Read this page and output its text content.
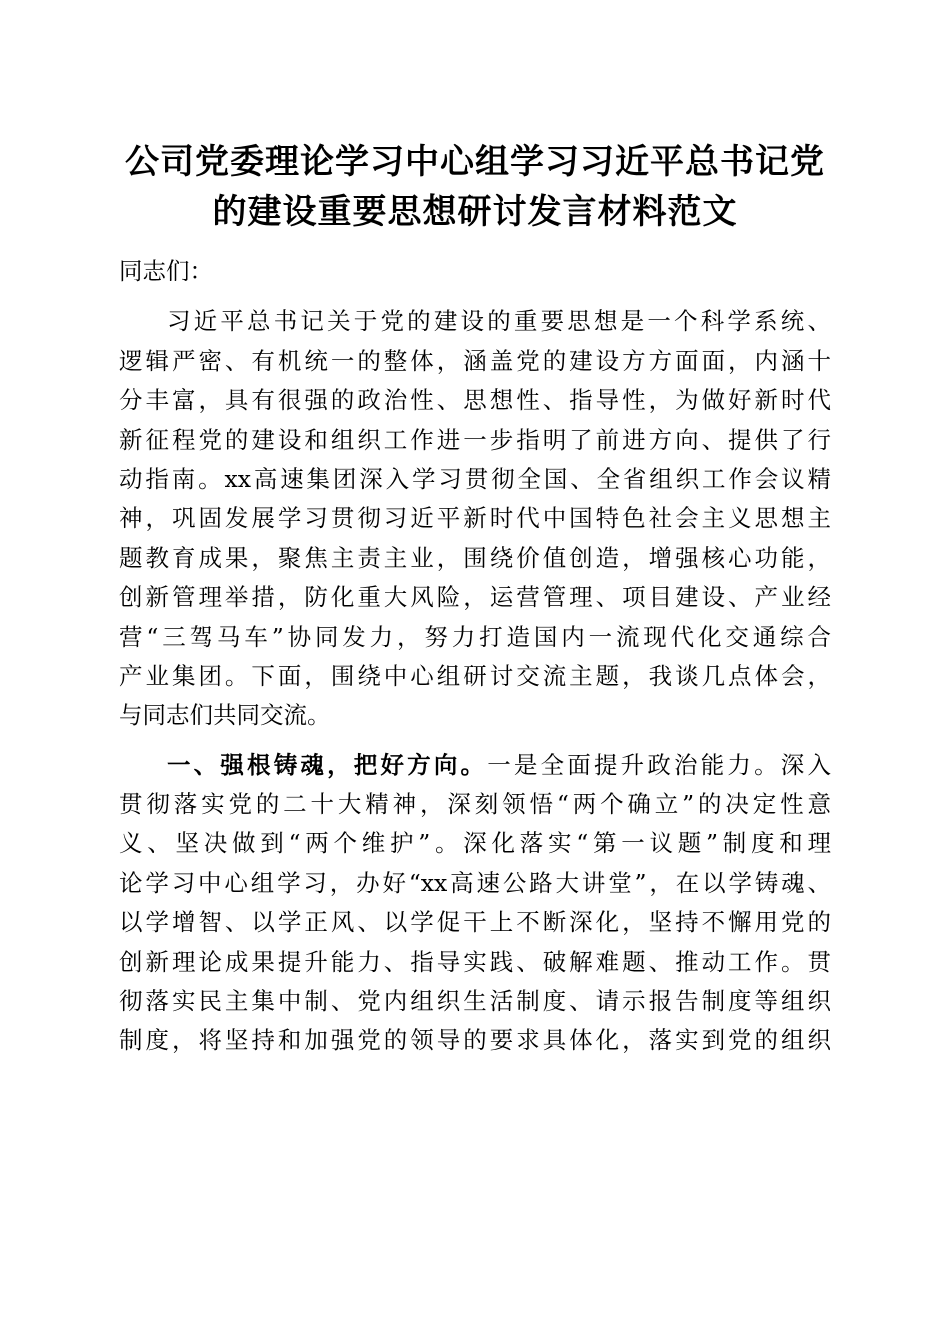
公司党委理论学习中心组学习习近平总书记党
的建设重要思想研讨发言材料范文
同志们：
习近平总书记关于党的建设的重要思想是一个科学系统、
逻辑严密、有机统一的整体，涵盖党的建设方方面面，内涵十
分丰富，具有很强的政治性、思想性、指导性，为做好新时代
新征程党的建设和组织工作进一步指明了前进方向、提供了行
动指南。xx高速集团深入学习贯彻全国、全省组织工作会议精
神，巩固发展学习贯彻习近平新时代中国特色社会主义思想主
题教育成果，聚焦主责主业，围绕价值创造，增强核心功能，
创新管理举措，防化重大风险，运营管理、项目建设、产业经
营“三驾马车”协同发力，努力打造国内一流现代化交通综合
产业集团。下面，围绕中心组研讨交流主题，我谈几点体会，
与同志们共同交流。
一、强根铸魂，把好方向。一是全面提升政治能力。深入
贯彻落实党的二十大精神，深刻领悟“两个确立”的决定性意
义、坚决做到“两个维护”。深化落实“第一议题”制度和理
论学习中心组学习，办好“xx高速公路大讲堂”，在以学铸魂、
以学增智、以学正风、以学促干上不断深化，坚持不懈用党的
创新理论成果提升能力、指导实践、破解难题、推动工作。贯
彻落实民主集中制、党内组织生活制度、请示报告制度等组织
制度，将坚持和加强党的领导的要求具体化，落实到党的组织
